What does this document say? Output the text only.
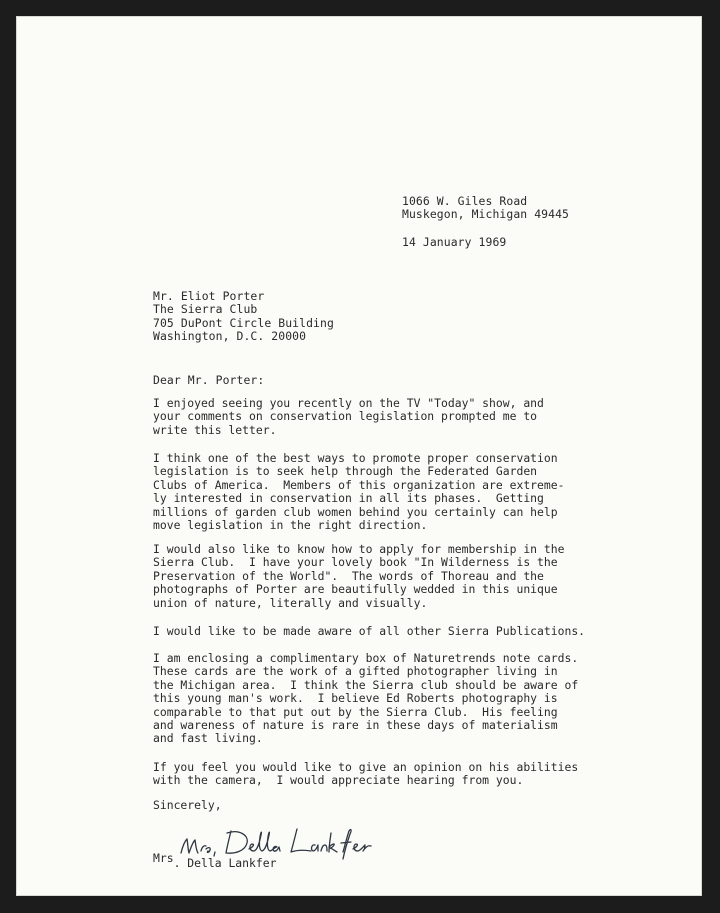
1066 W. Giles Road
Muskegon, Michigan 49445
14 January 1969
Mr. Eliot Porter
The Sierra Club
705 DuPont Circle Building
Washington, D.C. 20000
Dear Mr. Porter:
I enjoyed seeing you recently on the TV "Today" show, and
your comments on conservation legislation prompted me to
write this letter.
I think one of the best ways to promote proper conservation
legislation is to seek help through the Federated Garden
Clubs of America.  Members of this organization are extreme-
ly interested in conservation in all its phases.  Getting
millions of garden club women behind you certainly can help
move legislation in the right direction.
I would also like to know how to apply for membership in the
Sierra Club.  I have your lovely book "In Wilderness is the
Preservation of the World".  The words of Thoreau and the
photographs of Porter are beautifully wedded in this unique
union of nature, literally and visually.
I would like to be made aware of all other Sierra Publications.
I am enclosing a complimentary box of Naturetrends note cards.
These cards are the work of a gifted photographer living in
the Michigan area.  I think the Sierra club should be aware of
this young man's work.  I believe Ed Roberts photography is
comparable to that put out by the Sierra Club.  His feeling
and wareness of nature is rare in these days of materialism
and fast living.
If you feel you would like to give an opinion on his abilities
with the camera,  I would appreciate hearing from you.
Sincerely,
Mrs. Della Lankfer
